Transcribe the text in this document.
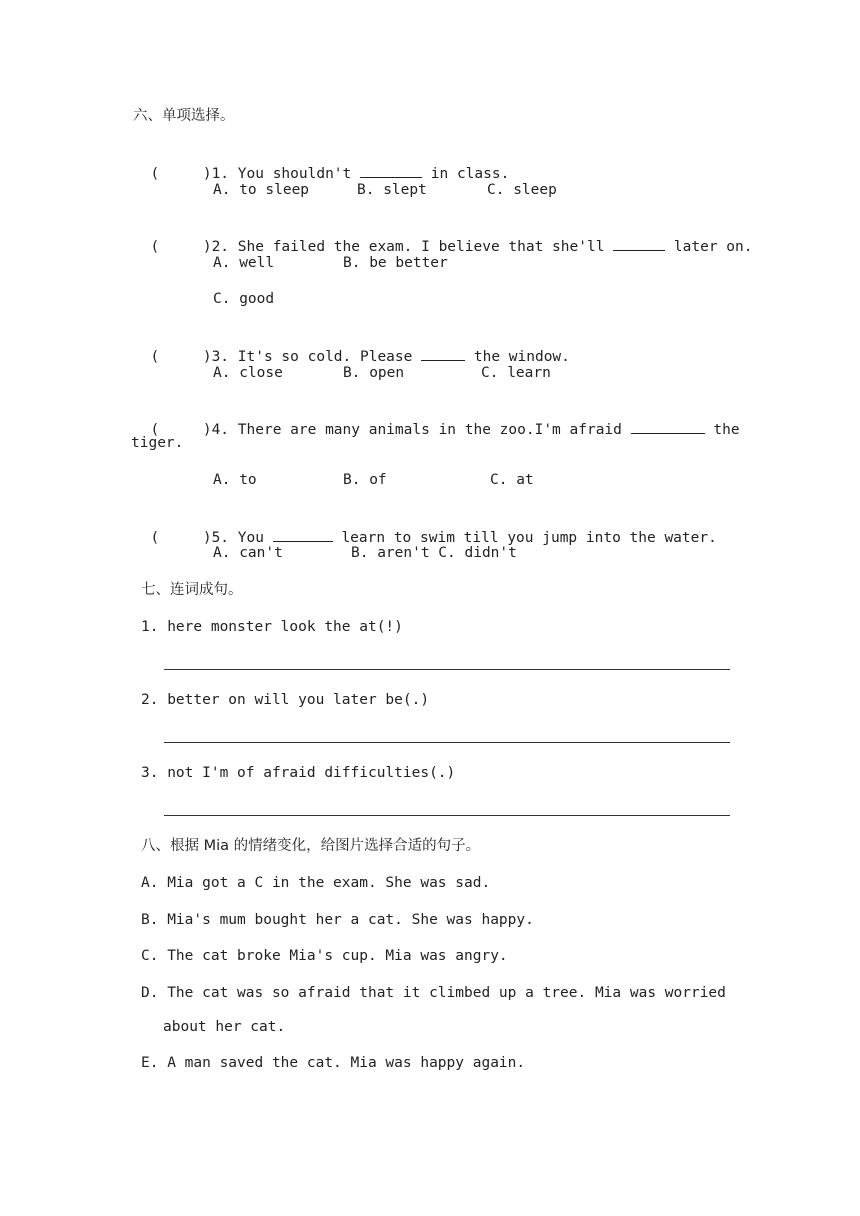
六、单项选择。

(     )1. You shouldn't	in class.

A. to sleep	B. slept	C. sleep

(     )2. She failed the exam. I believe that she'll	later on.

A. well	B. be better
C. good

(     )3. It's so cold. Please	the window.

A. close	B. open	C. learn

(     )4. There are many animals in the zoo.I'm afraid	the

tiger.
A. to	B. of	C. at

(     )5. You	learn to swim till you jump into the water.

A. can't	B. aren't C. didn't
七、连词成句。
1. here monster look the at(!)
2. better on will you later be(.)
3. not I'm of afraid difficulties(.)
八、根据 Mia 的情绪变化，给图片选择合适的句子。
A. Mia got a C in the exam. She was sad.
B. Mia's mum bought her a cat. She was happy.
C. The cat broke Mia's cup. Mia was angry.
D. The cat was so afraid that it climbed up a tree. Mia was worried
about her cat.
E. A man saved the cat. Mia was happy again.
